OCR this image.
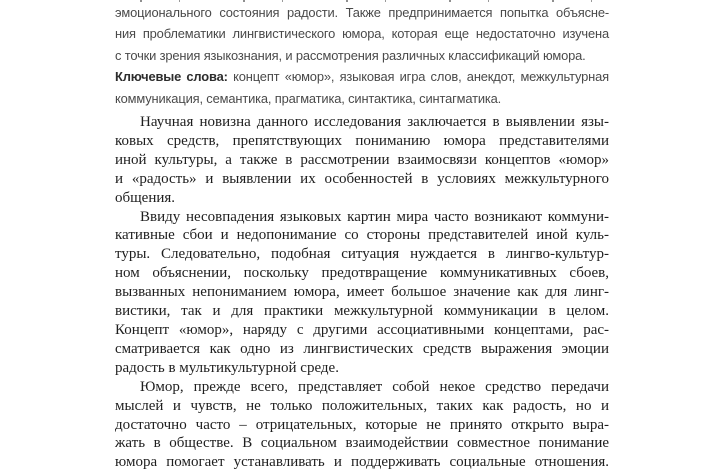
эмоционального состояния радости. Также предпринимается попытка объясне-
ния проблематики лингвистического юмора, которая еще недостаточно изучена
с точки зрения языкознания, и рассмотрения различных классификаций юмора.
Ключевые слова: концепт «юмор», языковая игра слов, анекдот, межкультурная
коммуникация, семантика, прагматика, синтактика, синтагматика.
Научная новизна данного исследования заключается в выявлении язы-
ковых средств, препятствующих пониманию юмора представителями
иной культуры, а также в рассмотрении взаимосвязи концептов «юмор»
и «радость» и выявлении их особенностей в условиях межкультурного
общения.
Ввиду несовпадения языковых картин мира часто возникают коммуни-
кативные сбои и недопонимание со стороны представителей иной куль-
туры. Следовательно, подобная ситуация нуждается в лингво-культур-
ном объяснении, поскольку предотвращение коммуникативных сбоев,
вызванных непониманием юмора, имеет большое значение как для линг-
вистики, так и для практики межкультурной коммуникации в целом.
Концепт «юмор», наряду с другими ассоциативными концептами, рас-
сматривается как одно из лингвистических средств выражения эмоции
радость в мультикультурной среде.
Юмор, прежде всего, представляет собой некое средство передачи
мыслей и чувств, не только положительных, таких как радость, но и
достаточно часто – отрицательных, которые не принято открыто выра-
жать в обществе. В социальном взаимодействии совместное понимание
юмора помогает устанавливать и поддерживать социальные отношения.
